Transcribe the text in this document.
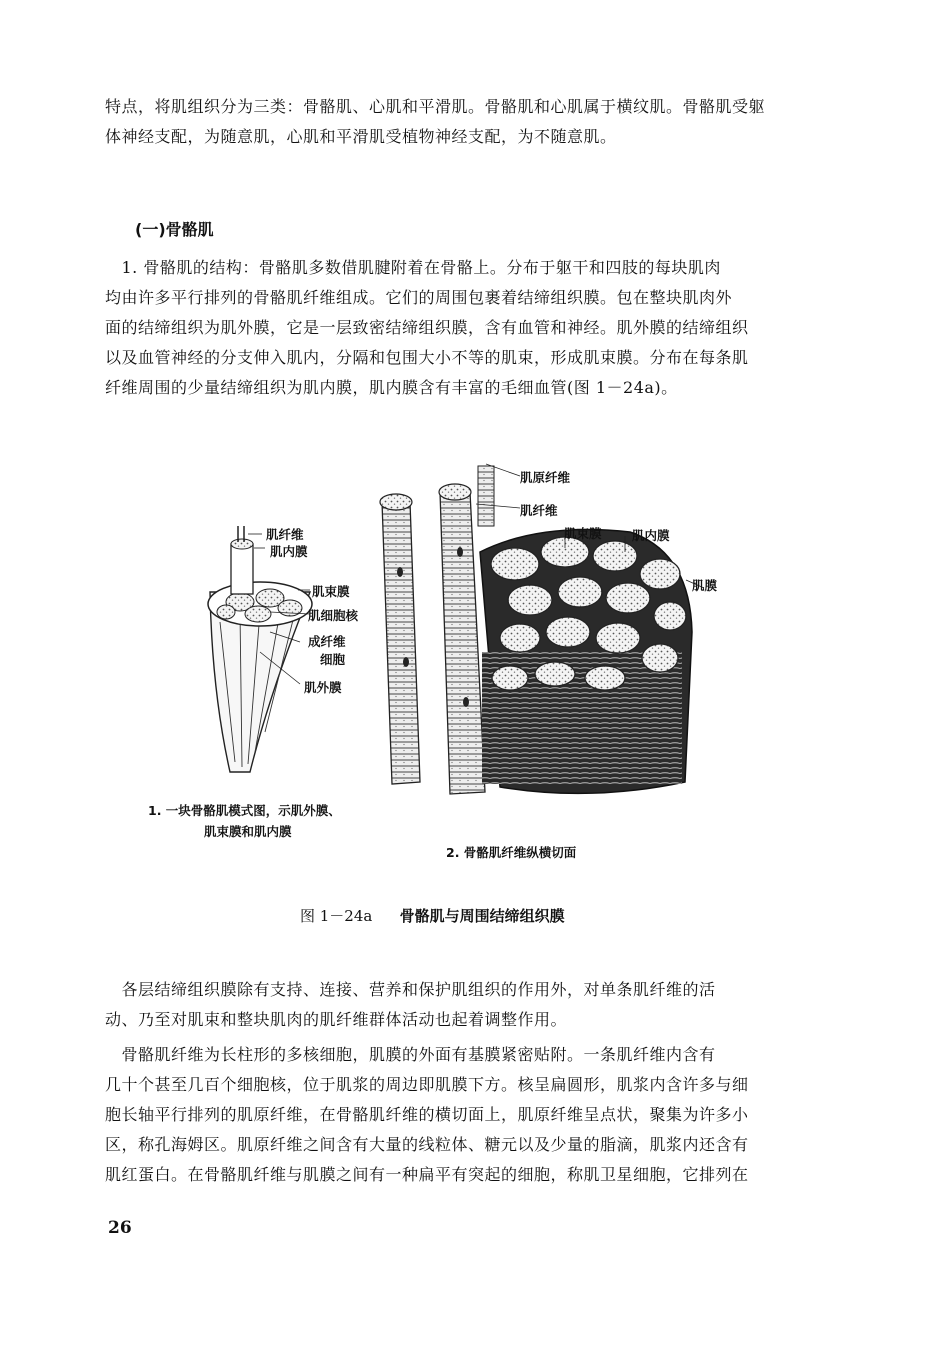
特点，将肌组织分为三类：骨骼肌、心肌和平滑肌。骨骼肌和心肌属于横纹肌。骨骼肌受躯
体神经支配，为随意肌，心肌和平滑肌受植物神经支配，为不随意肌。
(一)骨骼肌
　1. 骨骼肌的结构：骨骼肌多数借肌腱附着在骨骼上。分布于躯干和四肢的每块肌肉
均由许多平行排列的骨骼肌纤维组成。它们的周围包裹着结缔组织膜。包在整块肌肉外
面的结缔组织为肌外膜，它是一层致密结缔组织膜，含有血管和神经。肌外膜的结缔组织
以及血管神经的分支伸入肌内，分隔和包围大小不等的肌束，形成肌束膜。分布在每条肌
纤维周围的少量结缔组织为肌内膜，肌内膜含有丰富的毛细血管(图 1－24a)。
肌纤维
肌内膜
肌束膜
肌细胞核
成纤维
细胞
肌外膜
肌原纤维
肌纤维
肌束膜 肌内膜
肌膜
1. 一块骨骼肌模式图，示肌外膜、
肌束膜和肌内膜
2. 骨骼肌纤维纵横切面
图 1－24a 骨骼肌与周围结缔组织膜
　各层结缔组织膜除有支持、连接、营养和保护肌组织的作用外，对单条肌纤维的活
动、乃至对肌束和整块肌肉的肌纤维群体活动也起着调整作用。
　骨骼肌纤维为长柱形的多核细胞，肌膜的外面有基膜紧密贴附。一条肌纤维内含有
几十个甚至几百个细胞核，位于肌浆的周边即肌膜下方。核呈扁圆形，肌浆内含许多与细
胞长轴平行排列的肌原纤维，在骨骼肌纤维的横切面上，肌原纤维呈点状，聚集为许多小
区，称孔海姆区。肌原纤维之间含有大量的线粒体、糖元以及少量的脂滴，肌浆内还含有
肌红蛋白。在骨骼肌纤维与肌膜之间有一种扁平有突起的细胞，称肌卫星细胞，它排列在
26
